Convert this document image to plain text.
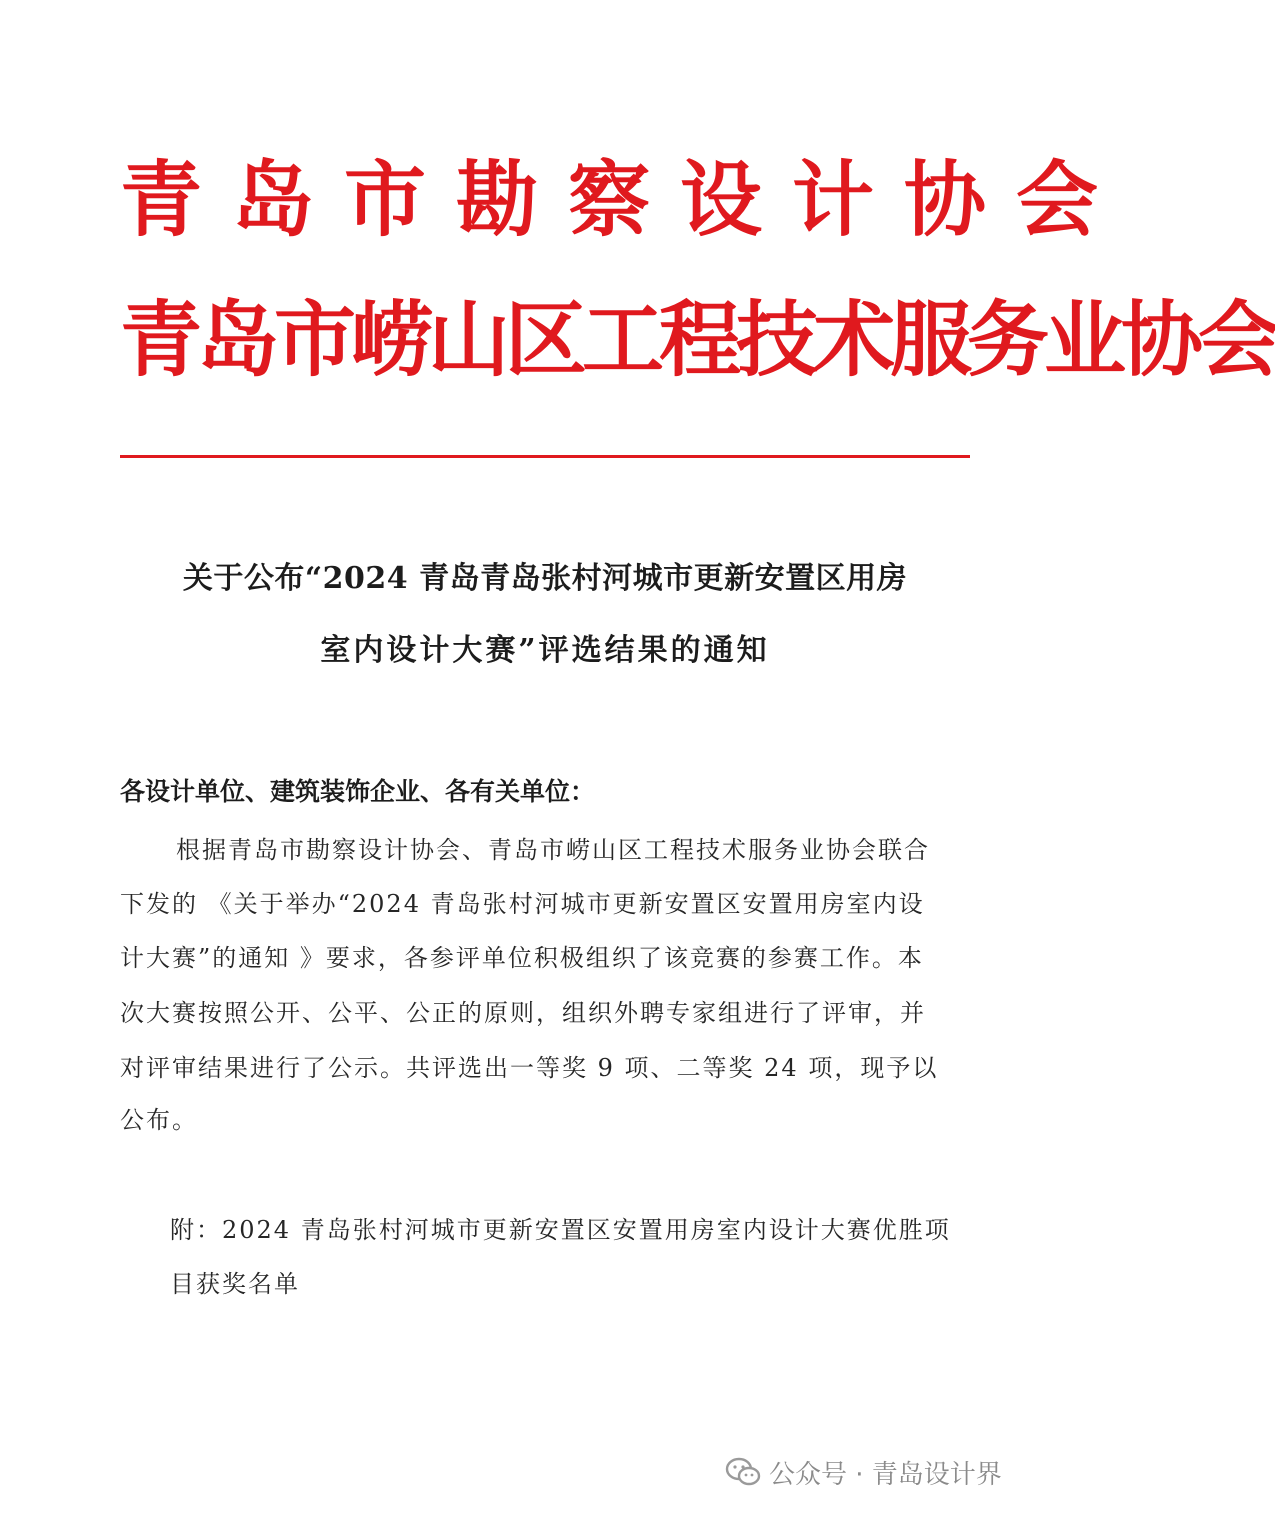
青岛市勘察设计协会
青岛市崂山区工程技术服务业协会
关于公布“2024 青岛青岛张村河城市更新安置区用房
室内设计大赛”评选结果的通知
各设计单位、建筑装饰企业、各有关单位：
根据青岛市勘察设计协会、青岛市崂山区工程技术服务业协会联合
下发的 《关于举办“2024 青岛张村河城市更新安置区安置用房室内设
计大赛”的通知 》要求，各参评单位积极组织了该竞赛的参赛工作。本
次大赛按照公开、公平、公正的原则，组织外聘专家组进行了评审，并
对评审结果进行了公示。共评选出一等奖 9 项、二等奖 24 项，现予以
公布。
附：2024 青岛张村河城市更新安置区安置用房室内设计大赛优胜项
目获奖名单
公众号 · 青岛设计界
